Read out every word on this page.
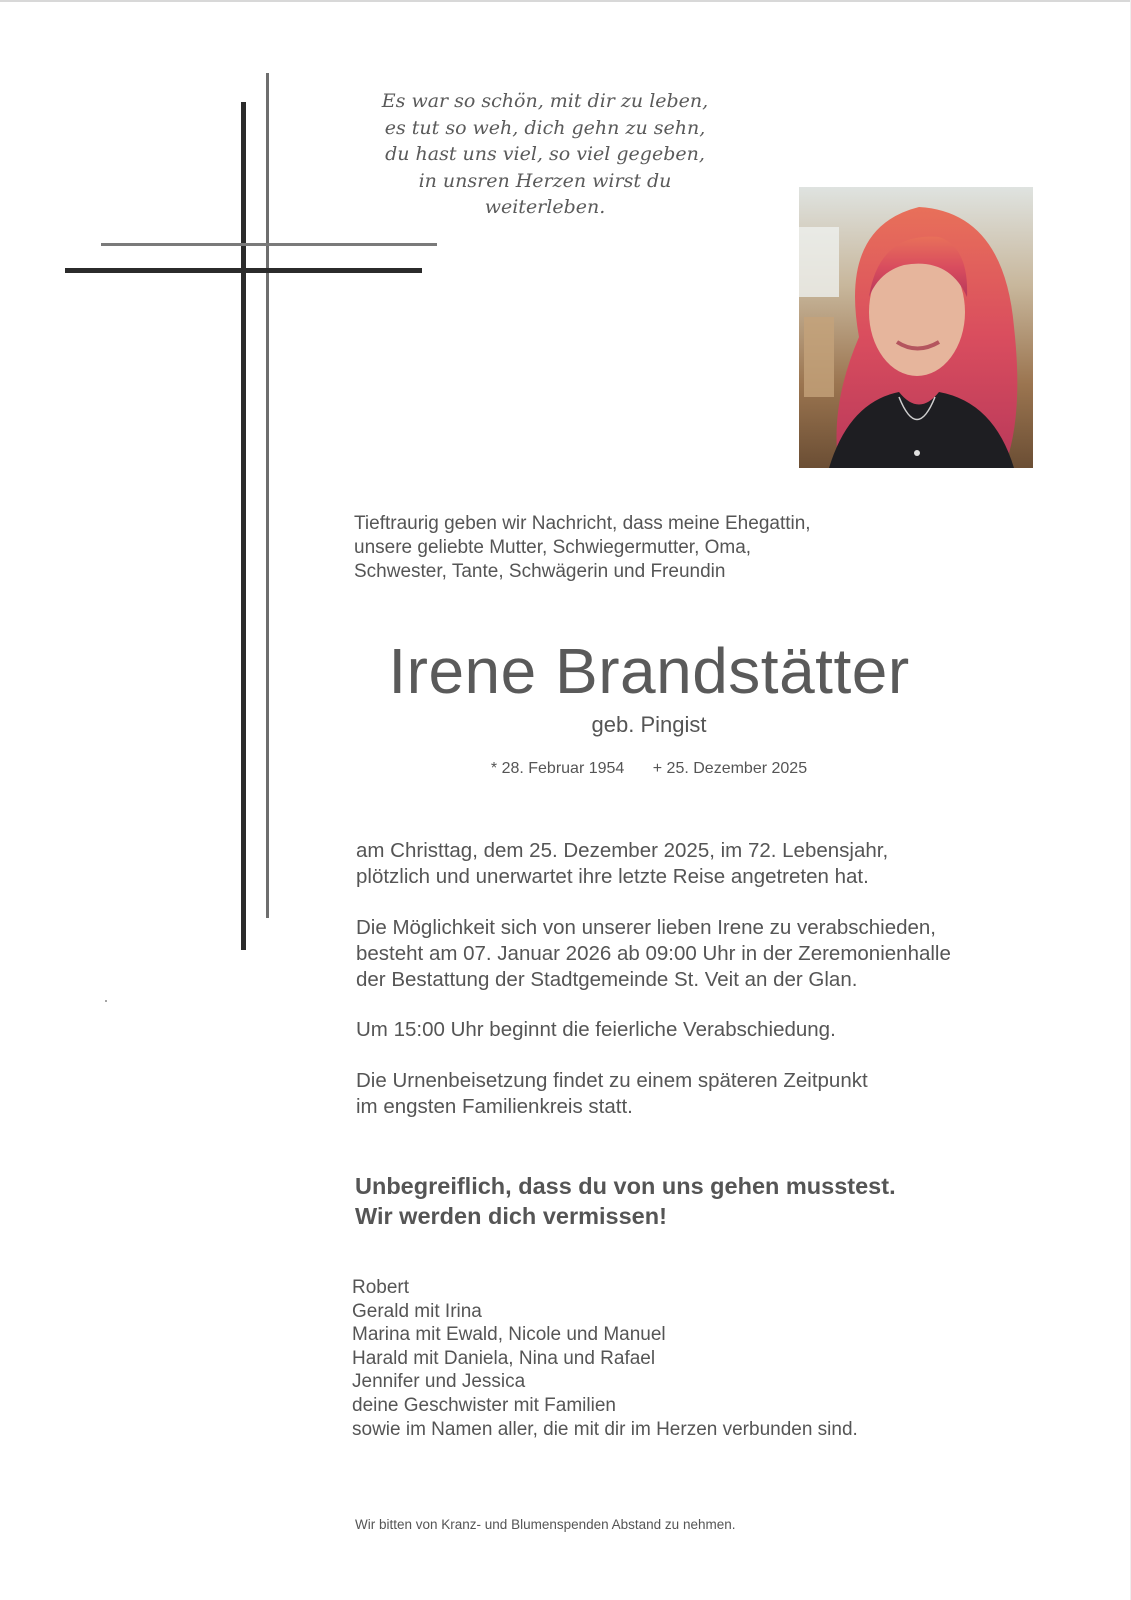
Es war so schön, mit dir zu leben,
es tut so weh, dich gehn zu sehn,
du hast uns viel, so viel gegeben,
in unsren Herzen wirst du
weiterleben.
Tieftraurig geben wir Nachricht, dass meine Ehegattin,
unsere geliebte Mutter, Schwiegermutter, Oma,
Schwester, Tante, Schwägerin und Freundin
Irene Brandstätter
geb. Pingist
* 28. Februar 1954 + 25. Dezember 2025
am Christtag, dem 25. Dezember 2025, im 72. Lebensjahr,
plötzlich und unerwartet ihre letzte Reise angetreten hat.
Die Möglichkeit sich von unserer lieben Irene zu verabschieden,
besteht am 07. Januar 2026 ab 09:00 Uhr in der Zeremonienhalle
der Bestattung der Stadtgemeinde St. Veit an der Glan.
Um 15:00 Uhr beginnt die feierliche Verabschiedung.
Die Urnenbeisetzung findet zu einem späteren Zeitpunkt
im engsten Familienkreis statt.
Unbegreiflich, dass du von uns gehen musstest.
Wir werden dich vermissen!
Robert
Gerald mit Irina
Marina mit Ewald, Nicole und Manuel
Harald mit Daniela, Nina und Rafael
Jennifer und Jessica
deine Geschwister mit Familien
sowie im Namen aller, die mit dir im Herzen verbunden sind.
Wir bitten von Kranz- und Blumenspenden Abstand zu nehmen.
